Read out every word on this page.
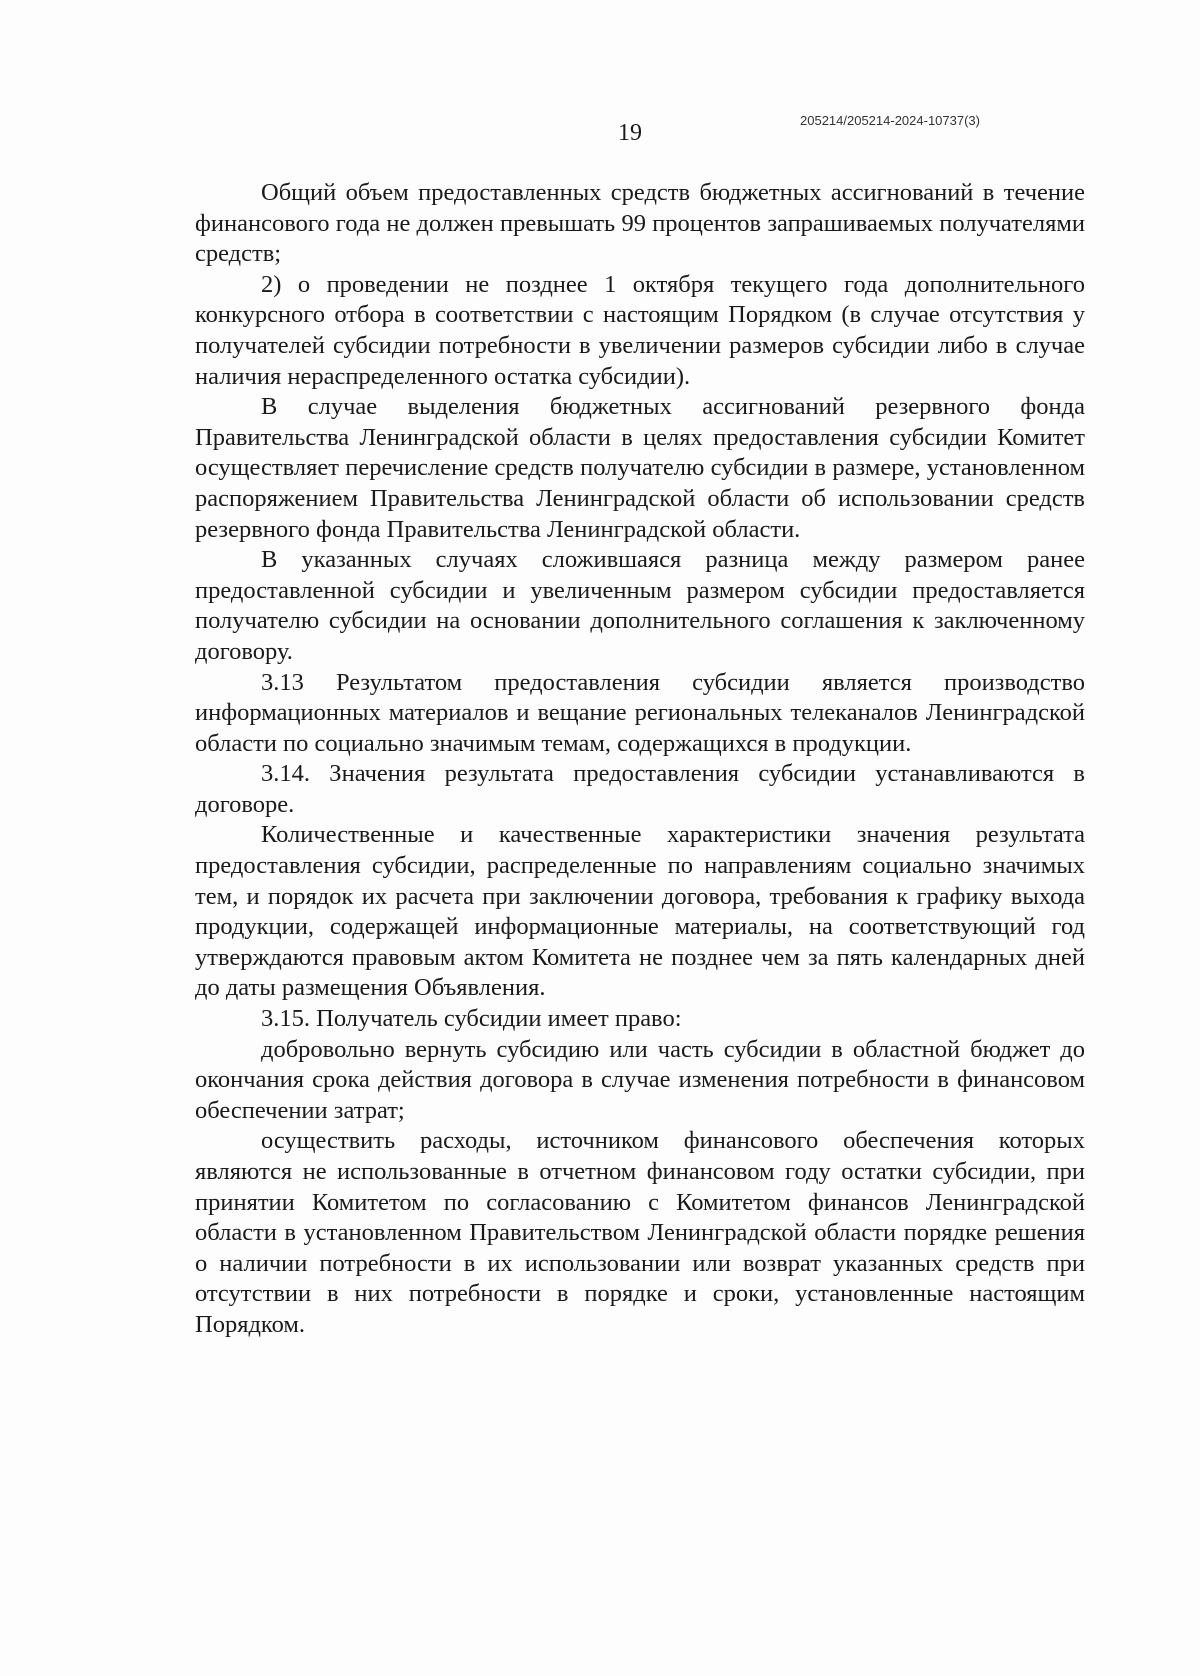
19	205214/205214-2024-10737(3)

Общий объем предоставленных средств бюджетных ассигнований в течение финансового года не должен превышать 99 процентов запрашиваемых получателями средств;

2) о проведении не позднее 1 октября текущего года дополнительного конкурсного отбора в соответствии с настоящим Порядком (в случае отсутствия у получателей субсидии потребности в увеличении размеров субсидии либо в случае наличия нераспределенного остатка субсидии).

В случае выделения бюджетных ассигнований резервного фонда Правительства Ленинградской области в целях предоставления субсидии Комитет осуществляет перечисление средств получателю субсидии в размере, установленном распоряжением Правительства Ленинградской области об использовании средств резервного фонда Правительства Ленинградской области.

В указанных случаях сложившаяся разница между размером ранее предоставленной субсидии и увеличенным размером субсидии предоставляется получателю субсидии на основании дополнительного соглашения к заключенному договору.

3.13 Результатом предоставления субсидии является производство информационных материалов и вещание региональных телеканалов Ленинградской области по социально значимым темам, содержащихся в продукции.

3.14. Значения результата предоставления субсидии устанавливаются в договоре.

Количественные и качественные характеристики значения результата предоставления субсидии, распределенные по направлениям социально значимых тем, и порядок их расчета при заключении договора, требования к графику выхода продукции, содержащей информационные материалы, на соответствующий год утверждаются правовым актом Комитета не позднее чем за пять календарных дней до даты размещения Объявления.

3.15. Получатель субсидии имеет право:

добровольно вернуть субсидию или часть субсидии в областной бюджет до окончания срока действия договора в случае изменения потребности в финансовом обеспечении затрат;

осуществить расходы, источником финансового обеспечения которых являются не использованные в отчетном финансовом году остатки субсидии, при принятии Комитетом по согласованию с Комитетом финансов Ленинградской области в установленном Правительством Ленинградской области порядке решения о наличии потребности в их использовании или возврат указанных средств при отсутствии в них потребности в порядке и сроки, установленные настоящим Порядком.
